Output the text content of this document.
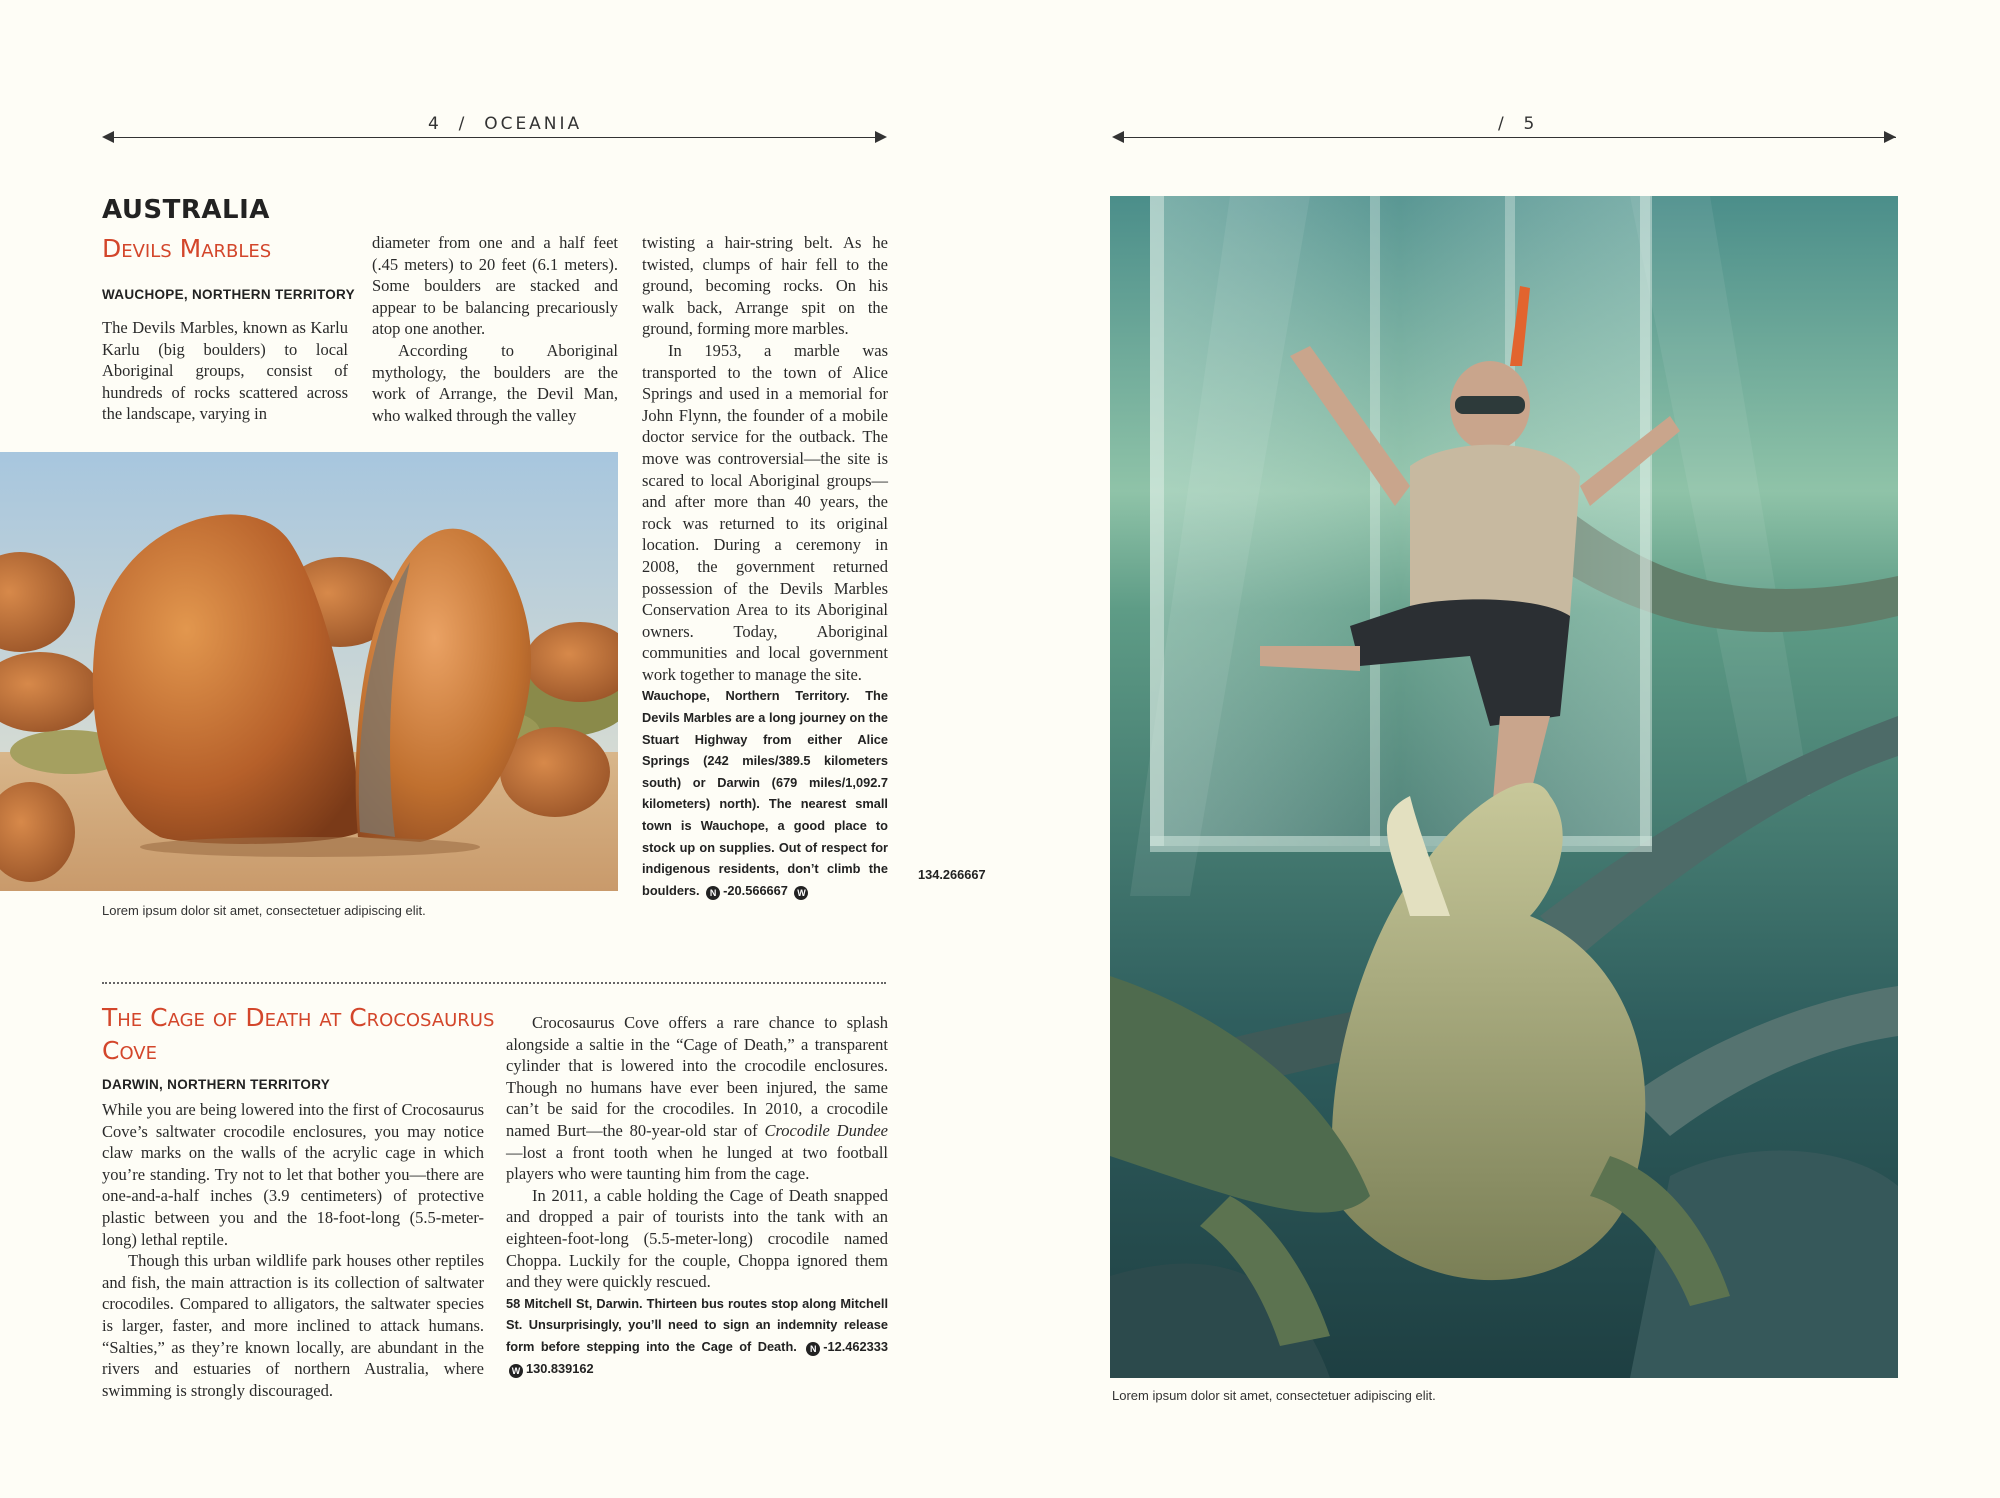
4 / OCEANIA	/ 5
AUSTRALIA
Devils Marbles
WAUCHOPE, NORTHERN TERRITORY

The Devils Marbles, known as Karlu Karlu (big boulders) to local Aboriginal groups, consist of hundreds of rocks scattered across the landscape, varying in

diameter from one and a half feet (.45 meters) to 20 feet (6.1 meters). Some boulders are stacked and appear to be balancing precariously atop one another.

According to Aboriginal mythology, the boulders are the work of Arrange, the Devil Man, who walked through the valley

twisting a hair-string belt. As he twisted, clumps of hair fell to the ground, becoming rocks. On his walk back, Arrange spit on the ground, forming more marbles.

In 1953, a marble was transported to the town of Alice Springs and used in a memorial for John Flynn, the founder of a mobile doctor service for the outback. The move was controversial—the site is scared to local Aboriginal groups—and after more than 40 years, the rock was returned to its original location. During a ceremony in 2008, the government returned possession of the Devils Marbles Conservation Area to its Aboriginal owners. Today, Aboriginal communities and local government work together to manage the site.

Wauchope, Northern Territory. The Devils Marbles are a long journey on the Stuart Highway from either Alice Springs (242 miles/389.5 kilometers south) or Darwin (679 miles/1,092.7 kilometers) north). The nearest small town is Wauchope, a good place to stock up on supplies. Out of respect for indigenous residents, don’t climb the boulders. N -20.566667 W
134.266667
Lorem ipsum dolor sit amet, consectetuer adipiscing elit.
The Cage of Death at Crocosaurus
Cove
DARWIN, NORTHERN TERRITORY

While you are being lowered into the first of Crocosaurus Cove’s saltwater crocodile enclosures, you may notice claw marks on the walls of the acrylic cage in which you’re standing. Try not to let that bother you—there are one-and-a-half inches (3.9 centimeters) of protective plastic between you and the 18-foot-long (5.5-meter-long) lethal reptile.

Though this urban wildlife park houses other reptiles and fish, the main attraction is its collection of saltwater crocodiles. Compared to alligators, the saltwater species is larger, faster, and more inclined to attack humans. “Salties,” as they’re known locally, are abundant in the rivers and estuaries of northern Australia, where swimming is strongly discouraged.

Crocosaurus Cove offers a rare chance to splash alongside a saltie in the “Cage of Death,” a transparent cylinder that is lowered into the crocodile enclosures. Though no humans have ever been injured, the same can’t be said for the crocodiles. In 2010, a crocodile named Burt—the 80-year-old star of Crocodile Dundee—lost a front tooth when he lunged at two football players who were taunting him from the cage.

In 2011, a cable holding the Cage of Death snapped and dropped a pair of tourists into the tank with an eighteen-foot-long (5.5-meter-long) crocodile named Choppa. Luckily for the couple, Choppa ignored them and they were quickly rescued.

58 Mitchell St, Darwin. Thirteen bus routes stop along Mitchell St. Unsurprisingly, you’ll need to sign an indemnity release form before stepping into the Cage of Death. N -12.462333 W 130.839162
Lorem ipsum dolor sit amet, consectetuer adipiscing elit.
